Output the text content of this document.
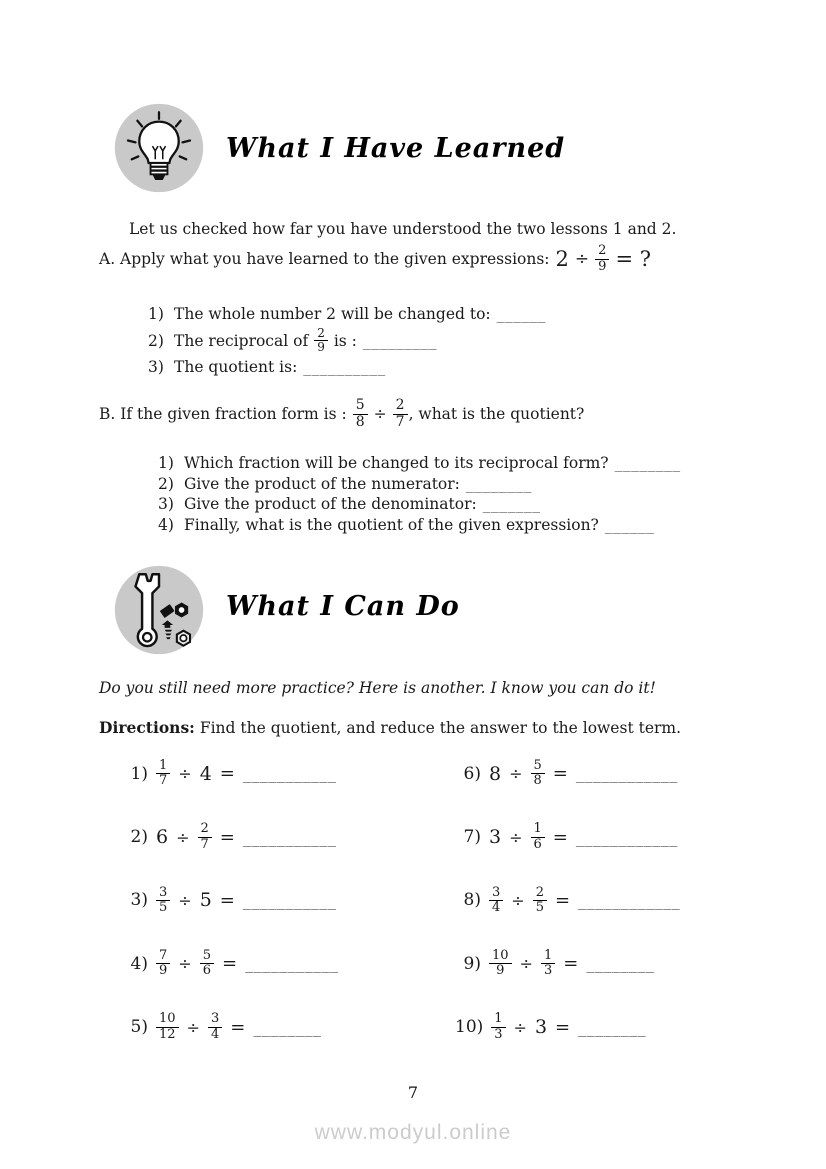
What I Have Learned
Let us checked how far you have understood the two lessons 1 and 2.
A. Apply what you have learned to the given expressions: $2 \div \frac{2}{9}$ = ?
1) The whole number 2 will be changed to: ______
2) The reciprocal of $\frac{2}{9}$ is : _________
3) The quotient is: __________
B. If the given fraction form is : $\frac{5}{8} \div \frac{2}{7}$ , what is the quotient?
1) Which fraction will be changed to its reciprocal form? ________
2) Give the product of the numerator: ________
3) Give the product of the denominator: _______
4) Finally, what is the quotient of the given expression? ______
What I Can Do
Do you still need more practice? Here is another. I know you can do it!
Directions: Find the quotient, and reduce the answer to the lowest term.
$1) \frac{1}{7} \div 4$ = ___________
2) $6 \div \frac{2}{7}$ = ___________
$3) \frac{3}{5} \div 5$ = ___________
$4) \frac{7}{9} \div \frac{5}{6}$ = ___________
$5) \frac{10}{12} \div \frac{3}{4}$ = ________
6) $8 \div \frac{5}{8}$ = ____________
7) $3 \div \frac{1}{6}$ = ____________
$8) \frac{3}{4} \div \frac{2}{5}$ = ____________
$9) \frac{10}{9} \div \frac{1}{3}$ = ________
$10) \frac{1}{3} \div 3$ = ________
7
www.modyul.online
